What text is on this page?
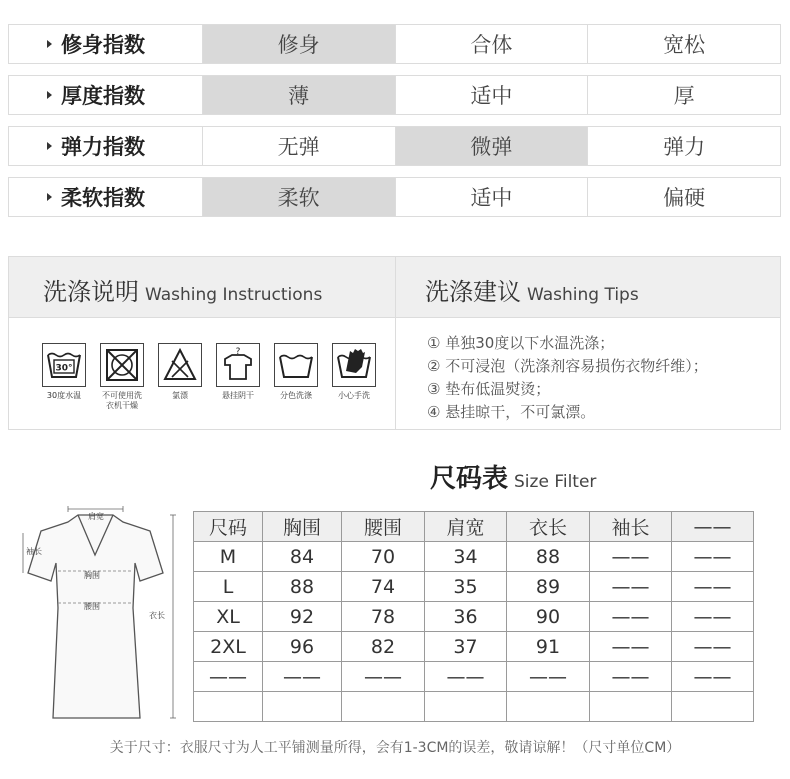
修身指数	修身	合体	宽松
厚度指数	薄	适中	厚
弹力指数	无弹	微弹	弹力
柔软指数	柔软	适中	偏硬
洗涤说明 Washing Instructions	洗涤建议 Washing Tips
30°
30度水温	不可使用洗衣机干燥
氯漂
?
悬挂阴干	分色洗涤	小心手洗
① 单独30度以下水温洗涤；
② 不可浸泡（洗涤剂容易损伤衣物纤维）；
③ 垫布低温熨烫；
④ 悬挂晾干，不可氯漂。
尺码表 Size Filter
肩宽
袖长
胸围
腰围
衣长
尺码	胸围	腰围	肩宽	衣长	袖长	——
M	84	70	34	88	——	——
L	88	74	35	89	——	——
XL	92	78	36	90	——	——
2XL	96	82	37	91	——	——
——	——	——	——	——	——	——

关于尺寸：衣服尺寸为人工平铺测量所得，会有1-3CM的误差，敬请谅解！（尺寸单位CM）
